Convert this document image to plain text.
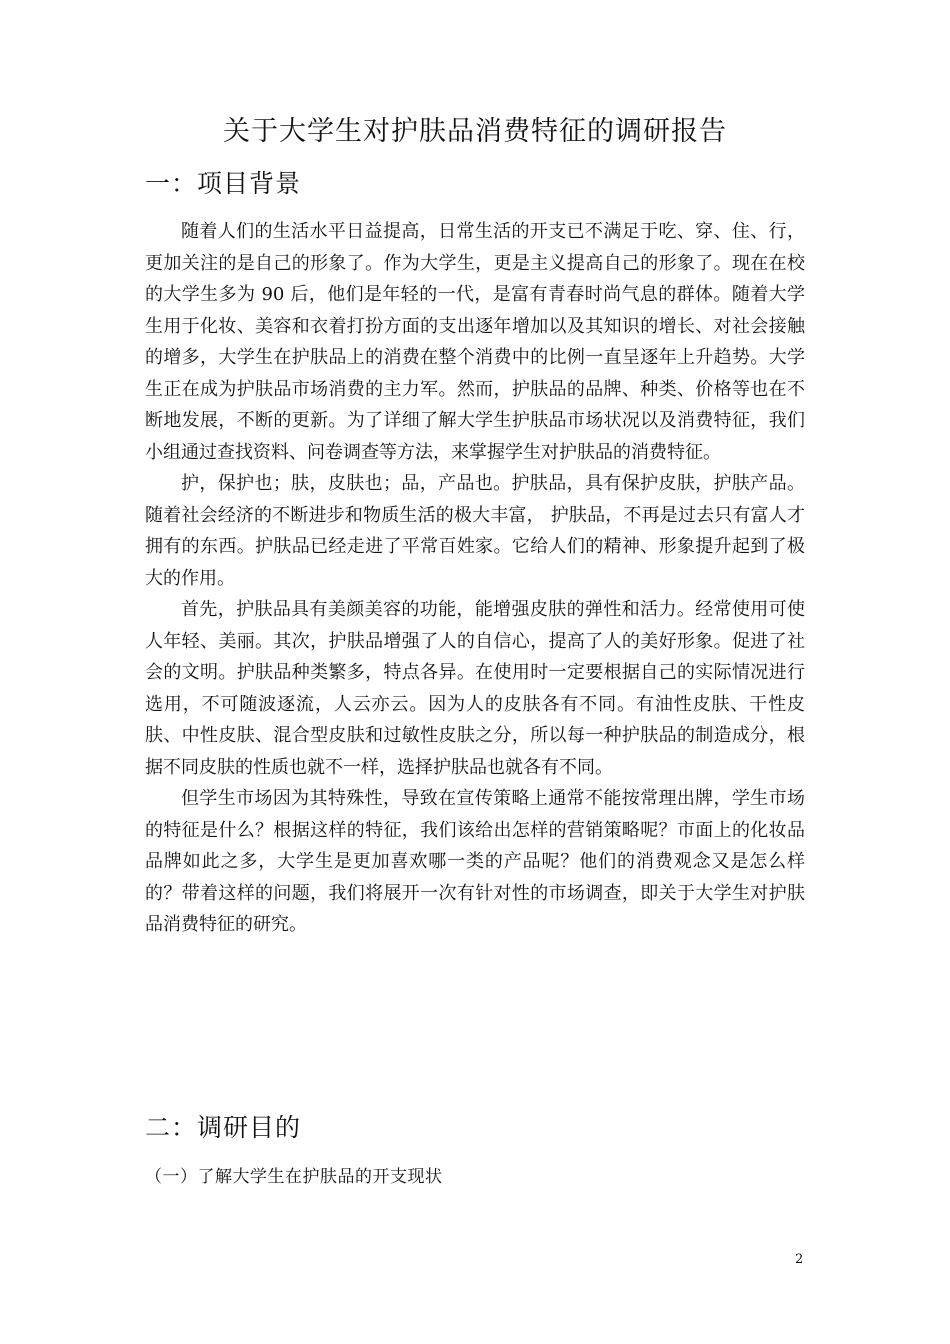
关于大学生对护肤品消费特征的调研报告
一：项目背景

随着人们的生活水平日益提高，日常生活的开支已不满足于吃、穿、住、行，更加关注的是自己的形象了。作为大学生，更是主义提高自己的形象了。现在在校的大学生多为 90 后，他们是年轻的一代，是富有青春时尚气息的群体。随着大学生用于化妆、美容和衣着打扮方面的支出逐年增加以及其知识的增长、对社会接触的增多，大学生在护肤品上的消费在整个消费中的比例一直呈逐年上升趋势。大学生正在成为护肤品市场消费的主力军。然而，护肤品的品牌、种类、价格等也在不断地发展，不断的更新。为了详细了解大学生护肤品市场状况以及消费特征，我们小组通过查找资料、问卷调查等方法，来掌握学生对护肤品的消费特征。

护，保护也；肤，皮肤也；品，产品也。护肤品，具有保护皮肤，护肤产品。随着社会经济的不断进步和物质生活的极大丰富， 护肤品，不再是过去只有富人才拥有的东西。护肤品已经走进了平常百姓家。它给人们的精神、形象提升起到了极大的作用。

首先，护肤品具有美颜美容的功能，能增强皮肤的弹性和活力。经常使用可使人年轻、美丽。其次，护肤品增强了人的自信心，提高了人的美好形象。促进了社会的文明。护肤品种类繁多，特点各异。在使用时一定要根据自己的实际情况进行选用，不可随波逐流，人云亦云。因为人的皮肤各有不同。有油性皮肤、干性皮肤、中性皮肤、混合型皮肤和过敏性皮肤之分，所以每一种护肤品的制造成分，根据不同皮肤的性质也就不一样，选择护肤品也就各有不同。

但学生市场因为其特殊性，导致在宣传策略上通常不能按常理出牌，学生市场的特征是什么？根据这样的特征，我们该给出怎样的营销策略呢？市面上的化妆品品牌如此之多，大学生是更加喜欢哪一类的产品呢？他们的消费观念又是怎么样的？带着这样的问题，我们将展开一次有针对性的市场调查，即关于大学生对护肤品消费特征的研究。

二：调研目的
（一）了解大学生在护肤品的开支现状
2
